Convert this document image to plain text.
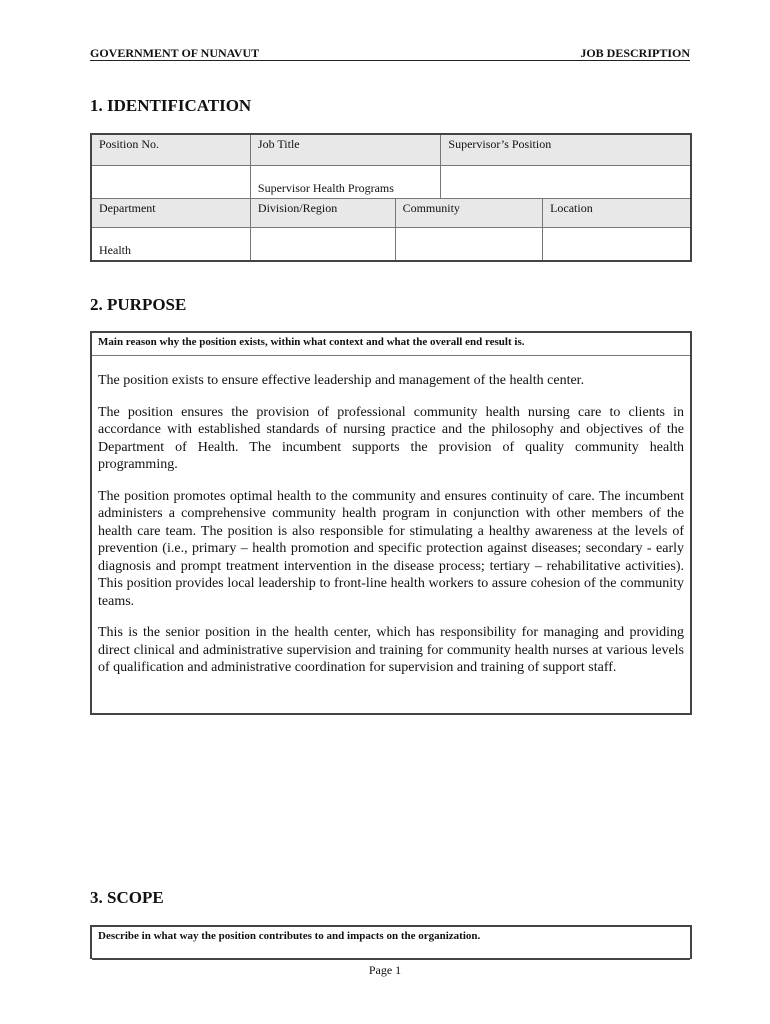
GOVERNMENT OF NUNAVUT	JOB DESCRIPTION
1. IDENTIFICATION
Position No.	Job Title		Supervisor’s Position	
	Supervisor Health Programs			
Department	Division/Region	Community		Location
Health				
2. PURPOSE
Main reason why the position exists, within what context and what the overall end result is.

The position exists to ensure effective leadership and management of the health center.

The position ensures the provision of professional community health nursing care to clients in accordance with established standards of nursing practice and the philosophy and objectives of the Department of Health. The incumbent supports the provision of quality community health programming.

The position promotes optimal health to the community and ensures continuity of care. The incumbent administers a comprehensive community health program in conjunction with other members of the health care team. The position is also responsible for stimulating a healthy awareness at the levels of prevention (i.e., primary – health promotion and specific protection against diseases; secondary - early diagnosis and prompt treatment intervention in the disease process; tertiary – rehabilitative activities). This position provides local leadership to front-line health workers to assure cohesion of the community teams.

This is the senior position in the health center, which has responsibility for managing and providing direct clinical and administrative supervision and training for community health nurses at various levels of qualification and administrative coordination for supervision and training of support staff.

3. SCOPE
Describe in what way the position contributes to and impacts on the organization.
Page 1
